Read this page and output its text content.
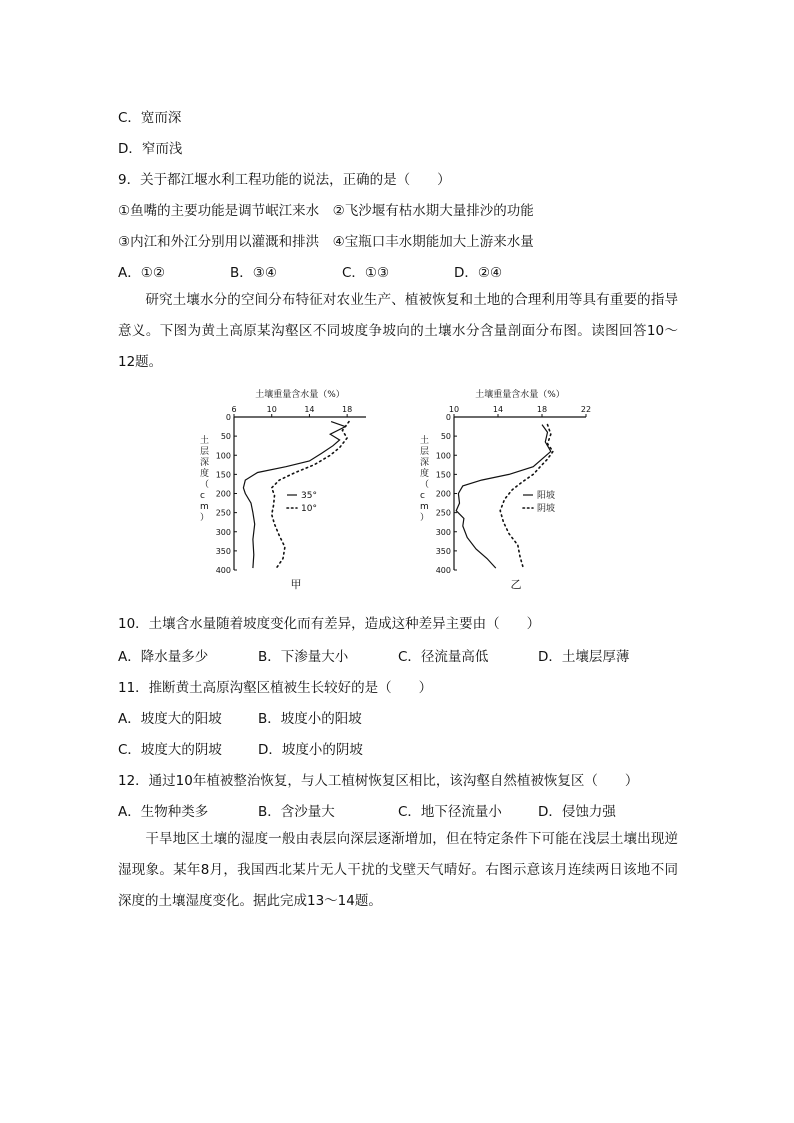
C．宽而深
D．窄而浅
9．关于都江堰水利工程功能的说法，正确的是（　　）
①鱼嘴的主要功能是调节岷江来水　②飞沙堰有枯水期大量排沙的功能
③内江和外江分别用以灌溉和排洪　④宝瓶口丰水期能加大上游来水量
A．①②	B．③④	C．①③	D．②④
　　研究土壤水分的空间分布特征对农业生产、植被恢复和土地的合理利用等具有重要的指导意义。下图为黄土高原某沟壑区不同坡度争坡向的土壤水分含量剖面分布图。读图回答10～12题。
土壤重量含水量（%）
6	10	14	18
0
50
100
150
200
250
300
350
400
土层深度（ c m ）
35°
10°
甲
土壤重量含水量（%）
10	14	18	22
0
50
100
150
200
250
300
350
400
土层深度（ c m ）
阳坡
阴坡
乙
10．土壤含水量随着坡度变化而有差异，造成这种差异主要由（　　）
A．降水量多少	B．下渗量大小	C．径流量高低	D．土壤层厚薄
11．推断黄土高原沟壑区植被生长较好的是（　　）
A．坡度大的阳坡	B．坡度小的阳坡
C．坡度大的阴坡	D．坡度小的阴坡
12．通过10年植被整治恢复，与人工植树恢复区相比，该沟壑自然植被恢复区（　　）
A．生物种类多	B．含沙量大	C．地下径流量小	D．侵蚀力强
　　干旱地区土壤的湿度一般由表层向深层逐渐增加，但在特定条件下可能在浅层土壤出现逆湿现象。某年8月，我国西北某片无人干扰的戈壁天气晴好。右图示意该月连续两日该地不同深度的土壤湿度变化。据此完成13～14题。
